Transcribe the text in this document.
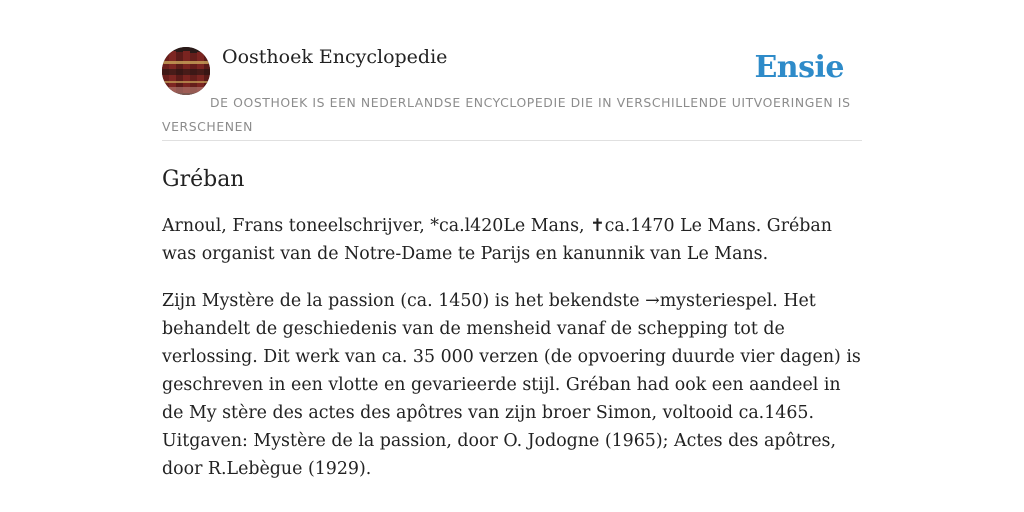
Oosthoek Encyclopedie	Ensie

DE OOSTHOEK IS EEN NEDERLANDSE ENCYCLOPEDIE DIE IN VERSCHILLENDE UITVOERINGEN IS VERSCHENEN

Gréban

Arnoul, Frans toneelschrijver, *ca.l420Le Mans, ✝ca.1470 Le Mans. Gréban was organist van de Notre-Dame te Parijs en kanunnik van Le Mans.

Zijn Mystère de la passion (ca. 1450) is het bekendste →mysteriespel. Het behandelt de geschiedenis van de mensheid vanaf de schepping tot de verlossing. Dit werk van ca. 35 000 verzen (de opvoering duurde vier dagen) is geschreven in een vlotte en gevarieerde stijl. Gréban had ook een aandeel in de My stère des actes des apôtres van zijn broer Simon, voltooid ca.1465. Uitgaven: Mystère de la passion, door O. Jodogne (1965); Actes des apôtres, door R.Lebègue (1929).
